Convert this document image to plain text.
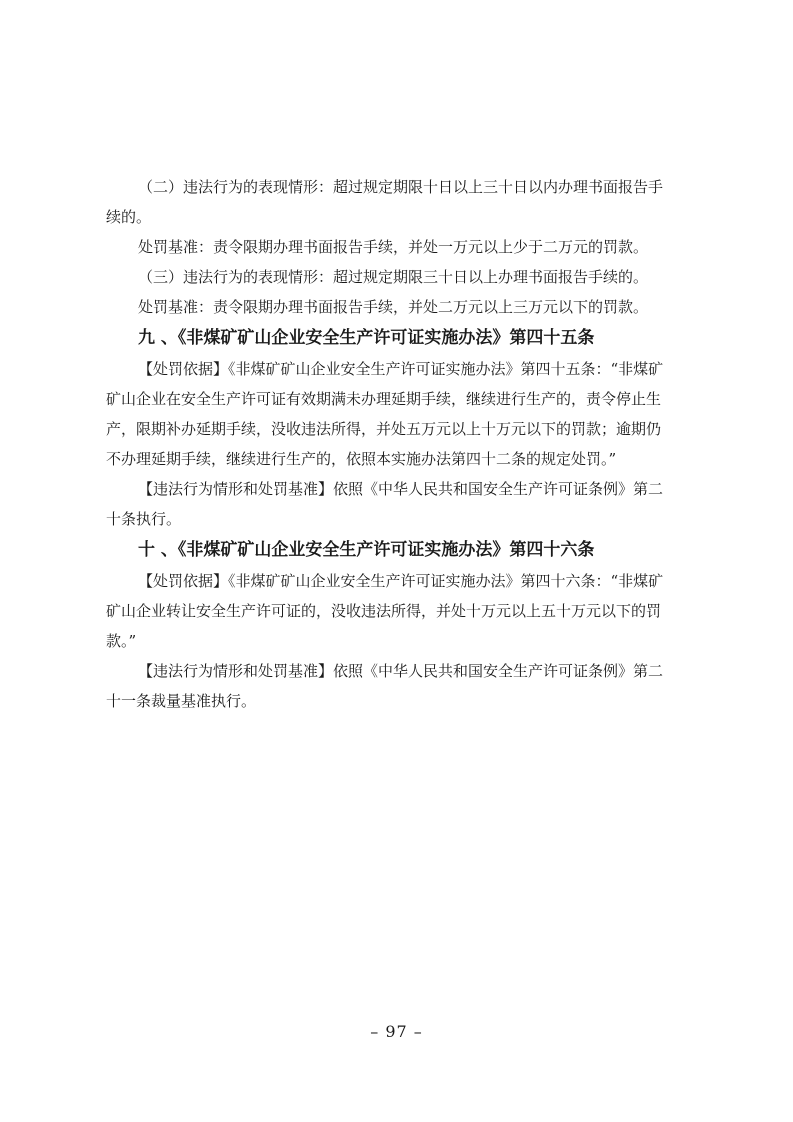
（二）违法行为的表现情形：超过规定期限十日以上三十日以内办理书面报告手

续的。

处罚基准：责令限期办理书面报告手续，并处一万元以上少于二万元的罚款。

（三）违法行为的表现情形：超过规定期限三十日以上办理书面报告手续的。

处罚基准：责令限期办理书面报告手续，并处二万元以上三万元以下的罚款。

九 、《非煤矿矿山企业安全生产许可证实施办法》第四十五条

【处罚依据】《非煤矿矿山企业安全生产许可证实施办法》第四十五条：“非煤矿

矿山企业在安全生产许可证有效期满未办理延期手续，继续进行生产的，责令停止生

产，限期补办延期手续，没收违法所得，并处五万元以上十万元以下的罚款；逾期仍

不办理延期手续，继续进行生产的，依照本实施办法第四十二条的规定处罚。”

【违法行为情形和处罚基准】依照《中华人民共和国安全生产许可证条例》第二

十条执行。

十 、《非煤矿矿山企业安全生产许可证实施办法》第四十六条

【处罚依据】《非煤矿矿山企业安全生产许可证实施办法》第四十六条：“非煤矿

矿山企业转让安全生产许可证的，没收违法所得，并处十万元以上五十万元以下的罚

款。”

【违法行为情形和处罚基准】依照《中华人民共和国安全生产许可证条例》第二

十一条裁量基准执行。

– 97 –
